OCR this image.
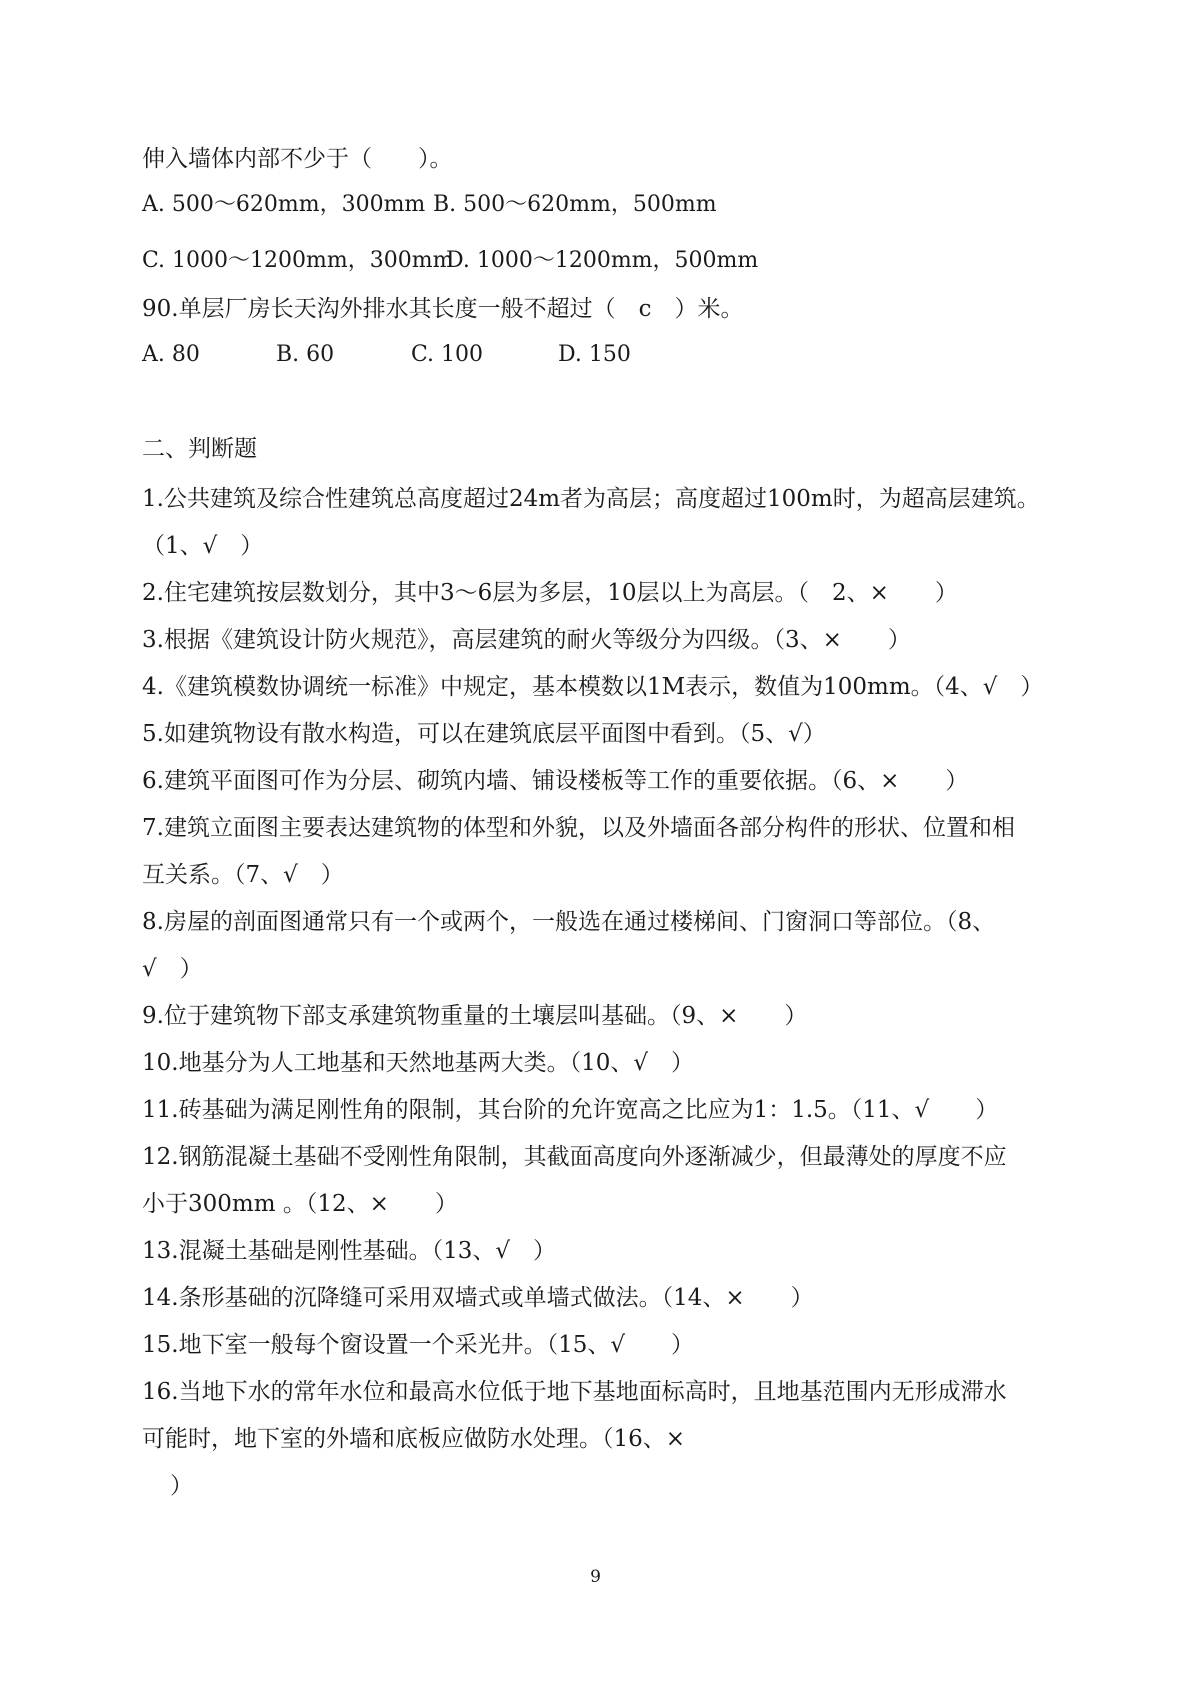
伸入墙体内部不少于（　　）。
A. 500～620mm，300mm B. 500～620mm，500mm
C. 1000～1200mm，300mm
D. 1000～1200mm，500mm
90.单层厂房长天沟外排水其长度一般不超过（　c　）米。
A. 80	B. 60	C. 100	D. 150
二、判断题
1.公共建筑及综合性建筑总高度超过24m者为高层；高度超过100m时，为超高层建筑。
（1、√　）
2.住宅建筑按层数划分，其中3～6层为多层，10层以上为高层。（　2、×　　）
3.根据《建筑设计防火规范》，高层建筑的耐火等级分为四级。（3、×　　）
4.《建筑模数协调统一标准》中规定，基本模数以1M表示，数值为100mm。（4、√　）
5.如建筑物设有散水构造，可以在建筑底层平面图中看到。（5、√）
6.建筑平面图可作为分层、砌筑内墙、铺设楼板等工作的重要依据。（6、×　　）
7.建筑立面图主要表达建筑物的体型和外貌，以及外墙面各部分构件的形状、位置和相
互关系。（7、√　）
8.房屋的剖面图通常只有一个或两个，一般选在通过楼梯间、门窗洞口等部位。（8、
√　）
9.位于建筑物下部支承建筑物重量的土壤层叫基础。（9、×　　）
10.地基分为人工地基和天然地基两大类。（10、√　）
11.砖基础为满足刚性角的限制，其台阶的允许宽高之比应为1：1.5。（11、√　　）
12.钢筋混凝土基础不受刚性角限制，其截面高度向外逐渐减少，但最薄处的厚度不应
小于300mm 。（12、×　　）
13.混凝土基础是刚性基础。（13、√　）
14.条形基础的沉降缝可采用双墙式或单墙式做法。（14、×　　）
15.地下室一般每个窗设置一个采光井。（15、√　　）
16.当地下水的常年水位和最高水位低于地下基地面标高时，且地基范围内无形成滞水
可能时，地下室的外墙和底板应做防水处理。（16、×
）
9
